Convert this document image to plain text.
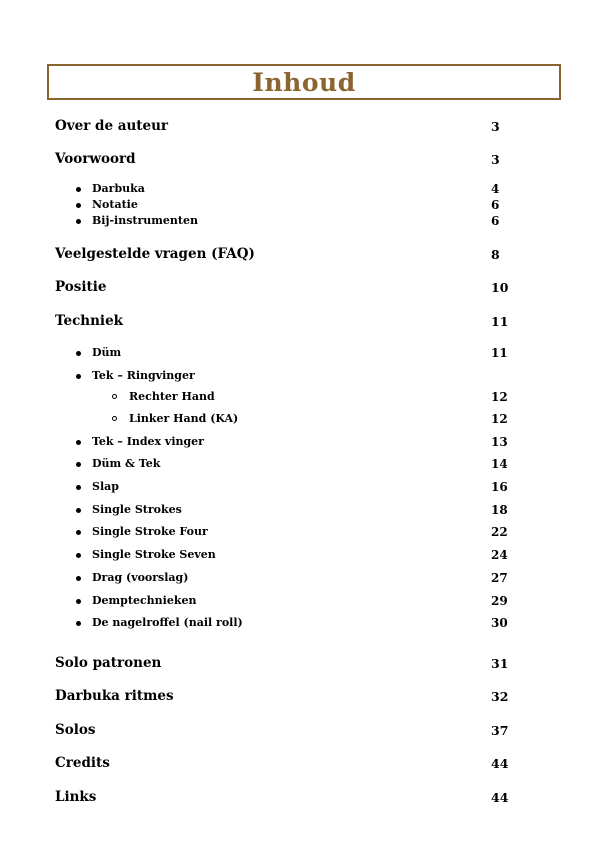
Inhoud
Over de auteur	3
Voorwoord	3
Darbuka	4
Notatie	6
Bij-instrumenten	6
Veelgestelde vragen (FAQ)	8
Positie	10
Techniek	11
Düm	11
Tek – Ringvinger
Rechter Hand	12
Linker Hand (KA)	12
Tek – Index vinger	13
Düm & Tek	14
Slap	16
Single Strokes	18
Single Stroke Four	22
Single Stroke Seven	24
Drag (voorslag)	27
Demptechnieken	29
De nagelroffel (nail roll)	30
Solo patronen	31
Darbuka ritmes	32
Solos	37
Credits	44
Links	44
